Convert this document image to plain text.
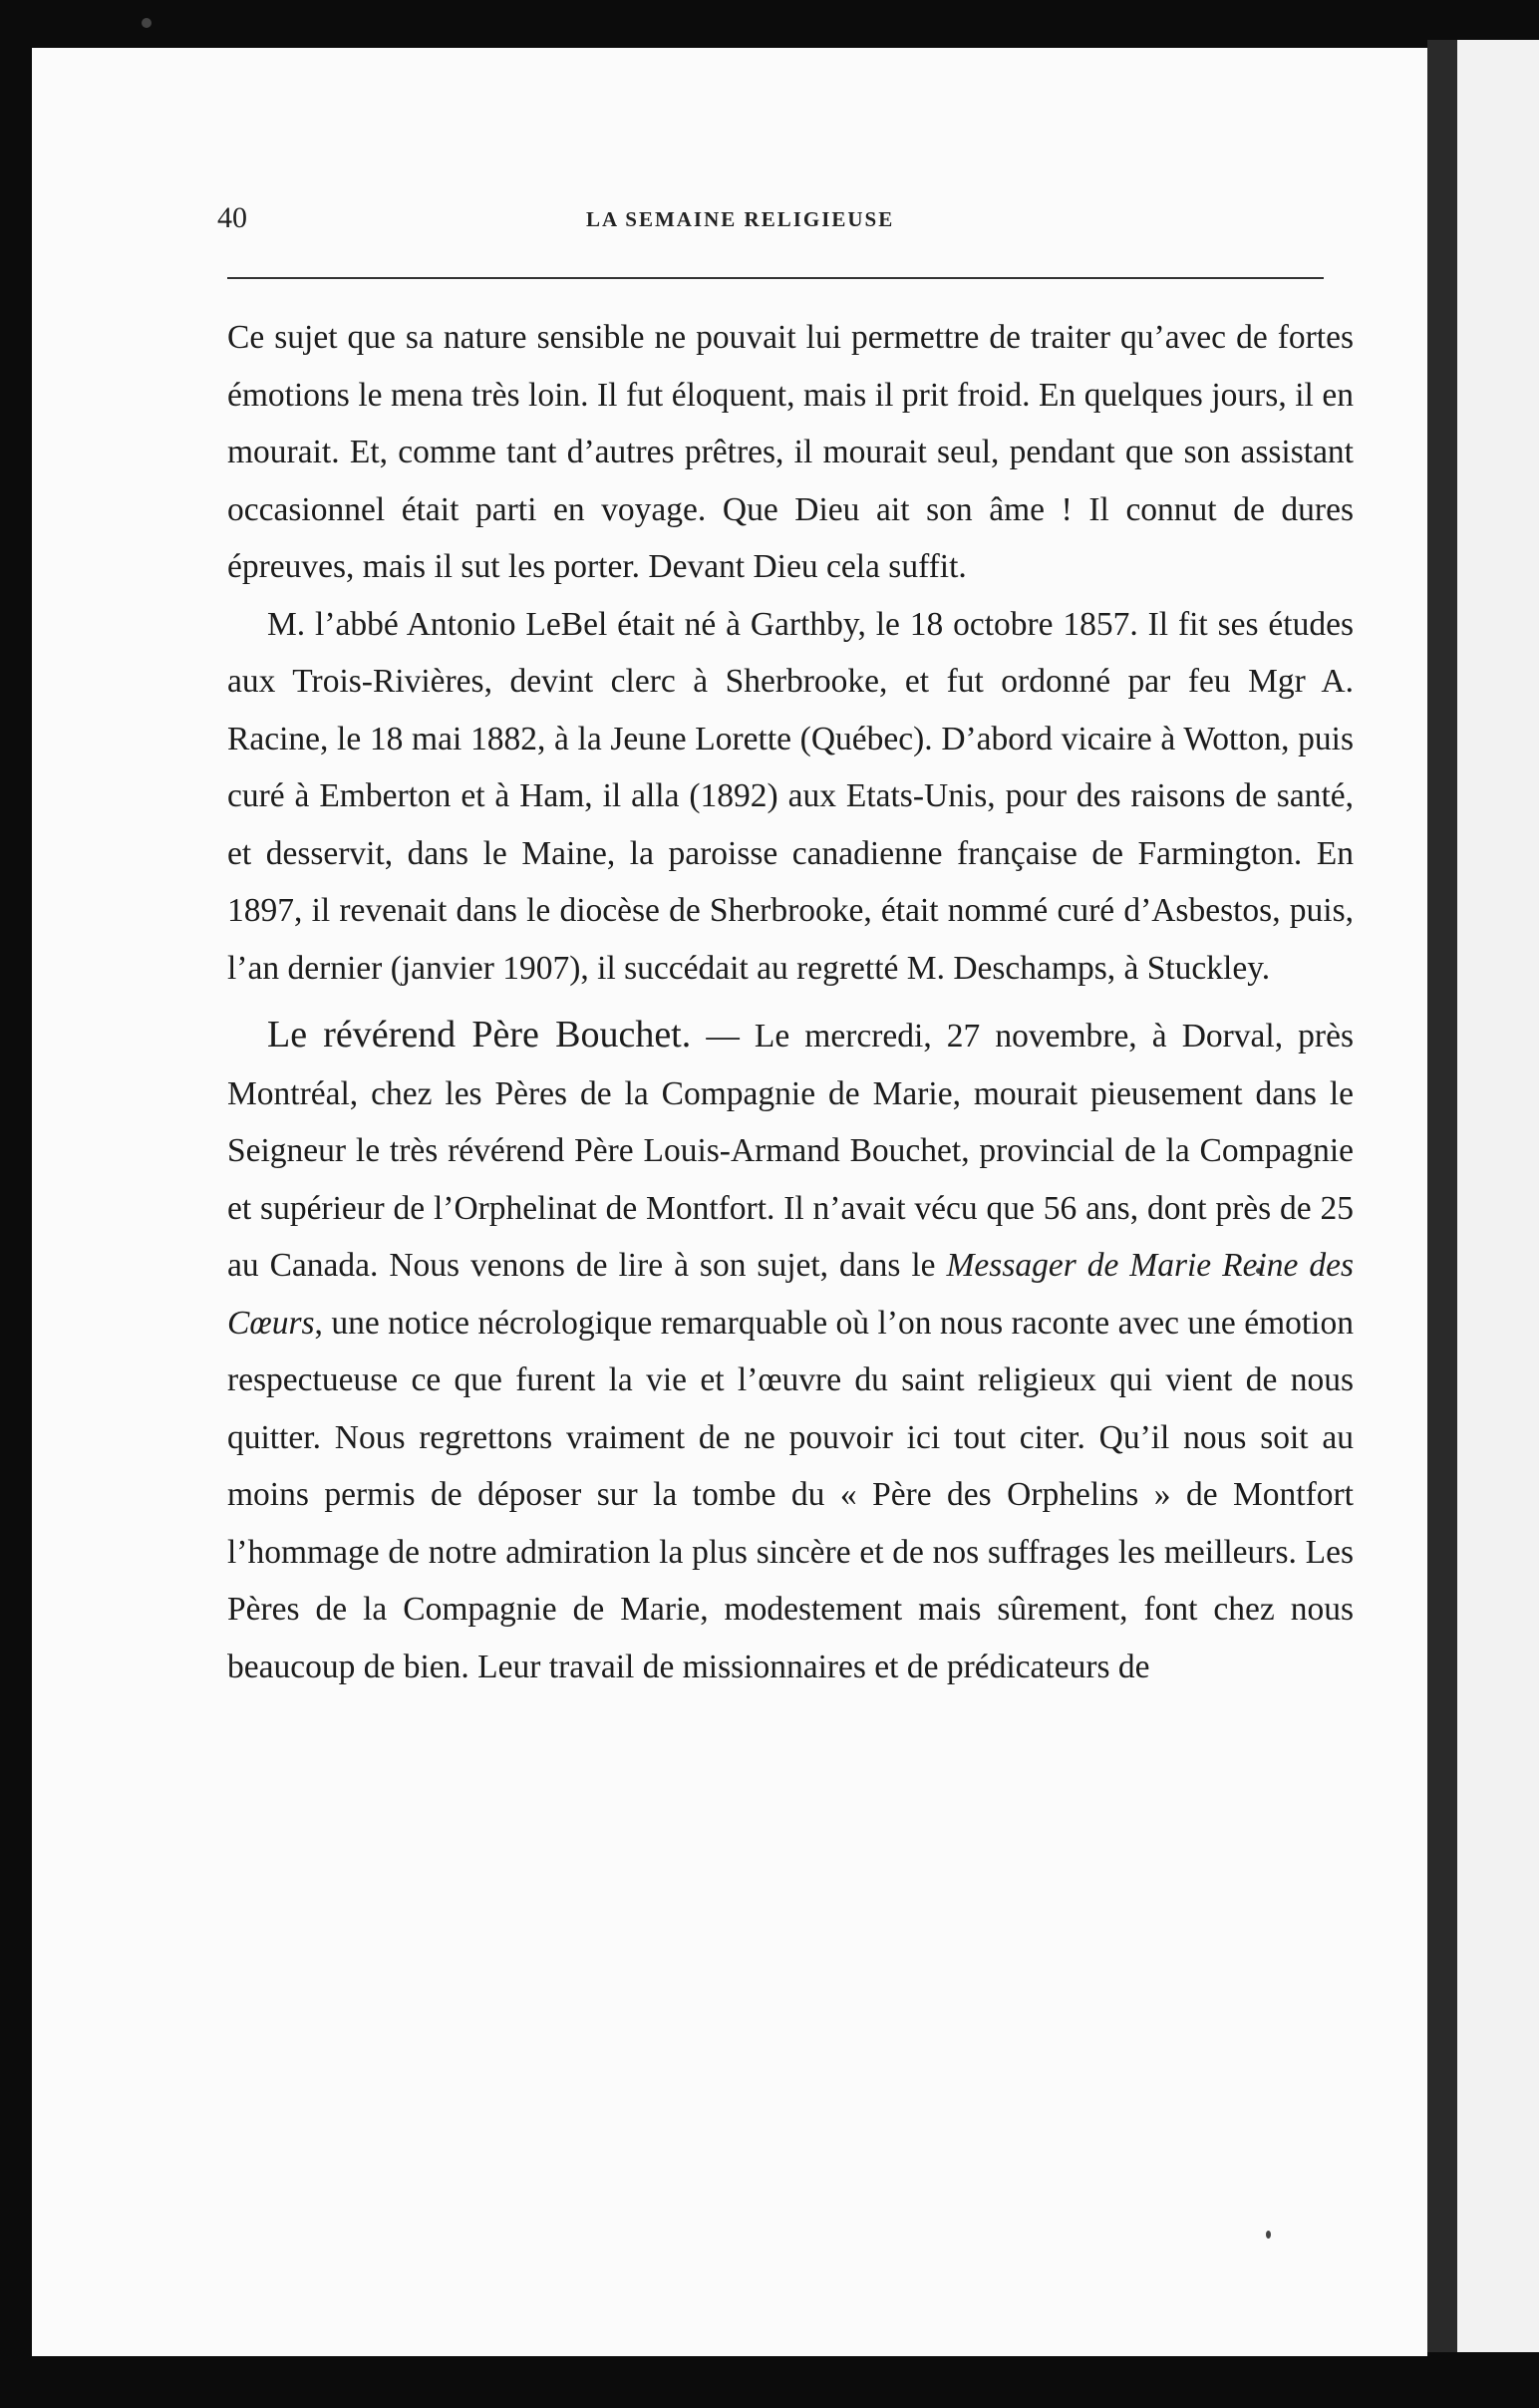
40	LA SEMAINE RELIGIEUSE

Ce sujet que sa nature sensible ne pouvait lui permettre de traiter qu’avec de fortes émotions le mena très loin. Il fut éloquent, mais il prit froid. En quelques jours, il en mourait. Et, comme tant d’autres prêtres, il mourait seul, pendant que son assistant occasionnel était parti en voyage. Que Dieu ait son âme ! Il connut de dures épreuves, mais il sut les porter. Devant Dieu cela suffit.

M. l’abbé Antonio LeBel était né à Garthby, le 18 octobre 1857. Il fit ses études aux Trois-Rivières, devint clerc à Sherbrooke, et fut ordonné par feu Mgr A. Racine, le 18 mai 1882, à la Jeune Lorette (Québec). D’abord vicaire à Wotton, puis curé à Emberton et à Ham, il alla (1892) aux Etats-Unis, pour des raisons de santé, et desservit, dans le Maine, la paroisse canadienne française de Farmington. En 1897, il revenait dans le diocèse de Sherbrooke, était nommé curé d’Asbestos, puis, l’an dernier (janvier 1907), il succédait au regretté M. Deschamps, à Stuckley.

Le révérend Père Bouchet. — Le mercredi, 27 novembre, à Dorval, près Montréal, chez les Pères de la Compagnie de Marie, mourait pieusement dans le Seigneur le très révérend Père Louis-Armand Bouchet, provincial de la Compagnie et supérieur de l’Orphelinat de Montfort. Il n’avait vécu que 56 ans, dont près de 25 au Canada. Nous venons de lire à son sujet, dans le Messager de Marie Reine des Cœurs, une notice nécrologique remarquable où l’on nous raconte avec une émotion respectueuse ce que furent la vie et l’œuvre du saint religieux qui vient de nous quitter. Nous regrettons vraiment de ne pouvoir ici tout citer. Qu’il nous soit au moins permis de déposer sur la tombe du « Père des Orphelins » de Montfort l’hommage de notre admiration la plus sincère et de nos suffrages les meilleurs. Les Pères de la Compagnie de Marie, modestement mais sûrement, font chez nous beaucoup de bien. Leur travail de missionnaires et de prédicateurs de
